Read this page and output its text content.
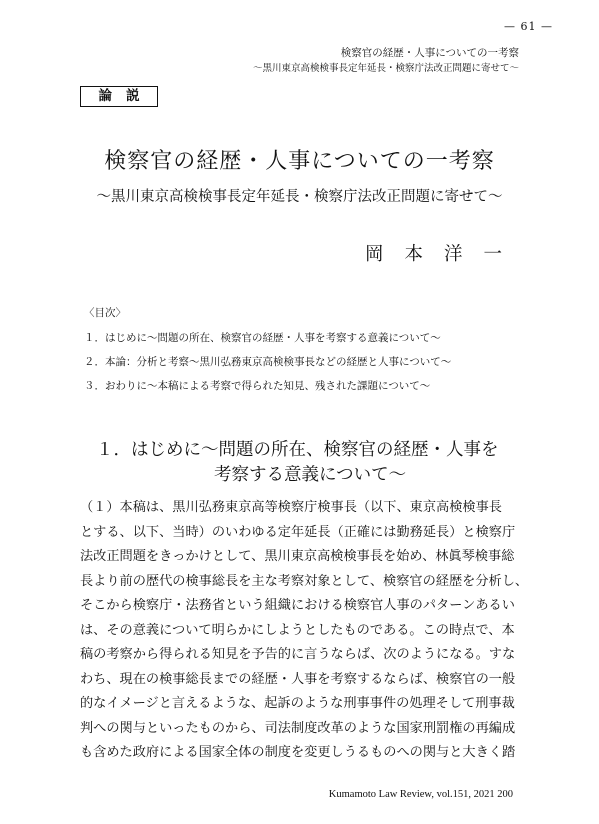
— 61 —
検察官の経歴・人事についての一考察
〜黒川東京高検検事長定年延長・検察庁法改正問題に寄せて〜
論説
検察官の経歴・人事についての一考察
〜黒川東京高検検事長定年延長・検察庁法改正問題に寄せて〜
岡本洋一
〈目次〉
１．はじめに〜問題の所在、検察官の経歴・人事を考察する意義について〜
２．本論：分析と考察〜黒川弘務東京高検検事長などの経歴と人事について〜
３．おわりに〜本稿による考察で得られた知見、残された課題について〜
１．はじめに〜問題の所在、検察官の経歴・人事を
考察する意義について〜

（１）本稿は、黒川弘務東京高等検察庁検事長（以下、東京高検検事長
とする、以下、当時）のいわゆる定年延長（正確には勤務延長）と検察庁
法改正問題をきっかけとして、黒川東京高検検事長を始め、林眞琴検事総
長より前の歴代の検事総長を主な考察対象として、検察官の経歴を分析し、
そこから検察庁・法務省という組織における検察官人事のパターンあるい
は、その意義について明らかにしようとしたものである。この時点で、本
稿の考察から得られる知見を予告的に言うならば、次のようになる。すな
わち、現在の検事総長までの経歴・人事を考察するならば、検察官の一般
的なイメージと言えるような、起訴のような刑事事件の処理そして刑事裁
判への関与といったものから、司法制度改革のような国家刑罰権の再編成
も含めた政府による国家全体の制度を変更しうるものへの関与と大きく踏

Kumamoto Law Review, vol.151, 2021 200
